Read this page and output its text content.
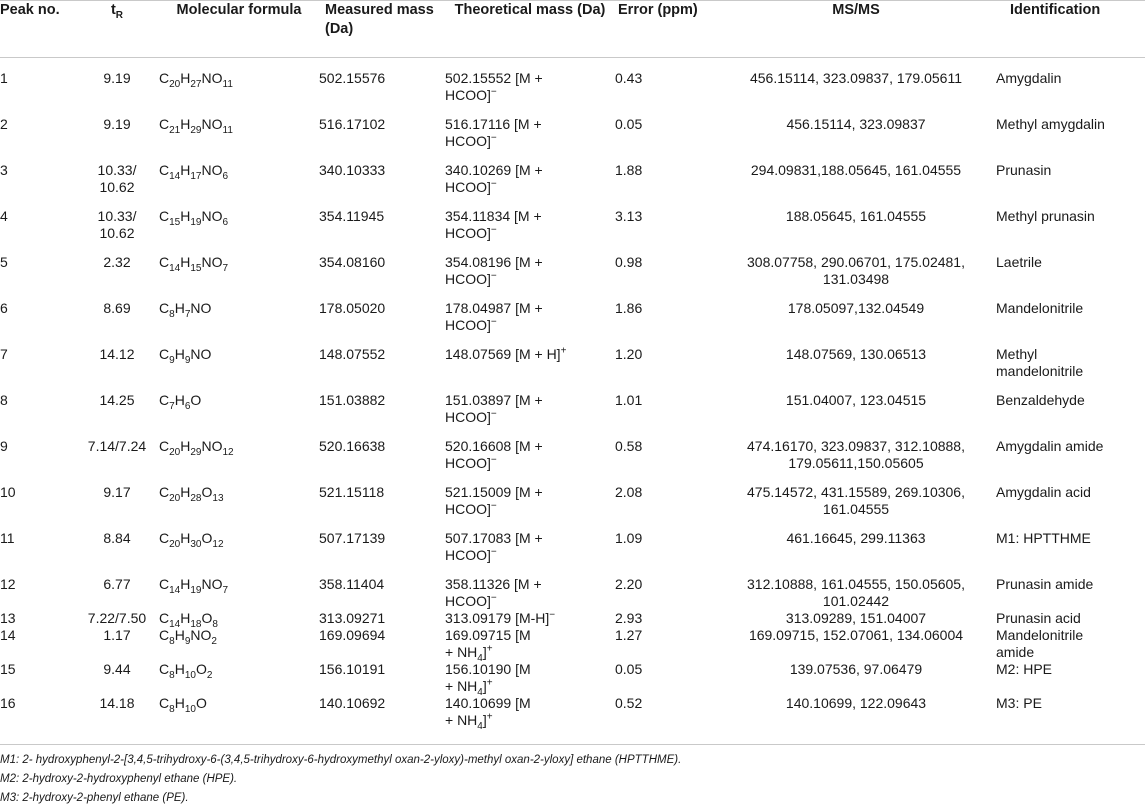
Peak no.	$t_R$	Molecular formula	Measured mass (Da)	Theoretical mass (Da)	Error (ppm)	MS/MS	Identification

1	9.19	$C_{20}H_{27}NO_{11}$	502.15576	502.15552 [M +
HCOO]−	0.43	456.15114, 323.09837, 179.05611	Amygdalin

2	9.19	$C_{21}H_{29}NO_{11}$	516.17102	516.17116 [M +
HCOO]−	0.05	456.15114, 323.09837	Methyl amygdalin

3	10.33/
10.62	$C_{14}H_{17}NO_6$	340.10333	340.10269 [M +
HCOO]−	1.88	294.09831,188.05645, 161.04555	Prunasin

4	10.33/
10.62	$C_{15}H_{19}NO_6$	354.11945	354.11834 [M +
HCOO]−	3.13	188.05645, 161.04555	Methyl prunasin

5	2.32	$C_{14}H_{15}NO_7$	354.08160	354.08196 [M +
HCOO]−	0.98	308.07758, 290.06701, 175.02481,
131.03498	Laetrile

6	8.69	$C_8H_7NO$	178.05020	178.04987 [M +
HCOO]−	1.86	178.05097,132.04549	Mandelonitrile

7	14.12	$C_9H_9NO$	148.07552	148.07569 [M + H]+	1.20	148.07569, 130.06513	Methyl
mandelonitrile

8	14.25	$C_7H_6O$	151.03882	151.03897 [M +
HCOO]−	1.01	151.04007, 123.04515	Benzaldehyde

9	7.14/7.24	$C_{20}H_{29}NO_{12}$	520.16638	520.16608 [M +
HCOO]−	0.58	474.16170, 323.09837, 312.10888,
179.05611,150.05605	Amygdalin amide

10	9.17	$C_{20}H_{28}O_{13}$	521.15118	521.15009 [M +
HCOO]−	2.08	475.14572, 431.15589, 269.10306,
161.04555	Amygdalin acid

11	8.84	$C_{20}H_{30}O_{12}$	507.17139	507.17083 [M +
HCOO]−	1.09	461.16645, 299.11363	M1: HPTTHME

12	6.77	$C_{14}H_{19}NO_7$	358.11404	358.11326 [M +
HCOO]−	2.20	312.10888, 161.04555, 150.05605,
101.02442	Prunasin amide

13	7.22/7.50	$C_{14}H_{18}O_8$	313.09271	313.09179 [M-H]−	2.93	313.09289, 151.04007	Prunasin acid

14	1.17	$C_8H_9NO_2$	169.09694	169.09715 [M
+ $NH_4]^+$	1.27	169.09715, 152.07061, 134.06004	Mandelonitrile
amide

15	9.44	$C_8H_{10}O_2$	156.10191	156.10190 [M
+ $NH_4]^+$	0.05	139.07536, 97.06479	M2: HPE

16	14.18	$C_8H_{10}O$	140.10692	140.10699 [M
+ $NH_4]^+$	0.52	140.10699, 122.09643	M3: PE
M1: 2- hydroxyphenyl-2-[3,4,5-trihydroxy-6-(3,4,5-trihydroxy-6-hydroxymethyl oxan-2-yloxy)-methyl oxan-2-yloxy] ethane (HPTTHME).
M2: 2-hydroxy-2-hydroxyphenyl ethane (HPE).
M3: 2-hydroxy-2-phenyl ethane (PE).
